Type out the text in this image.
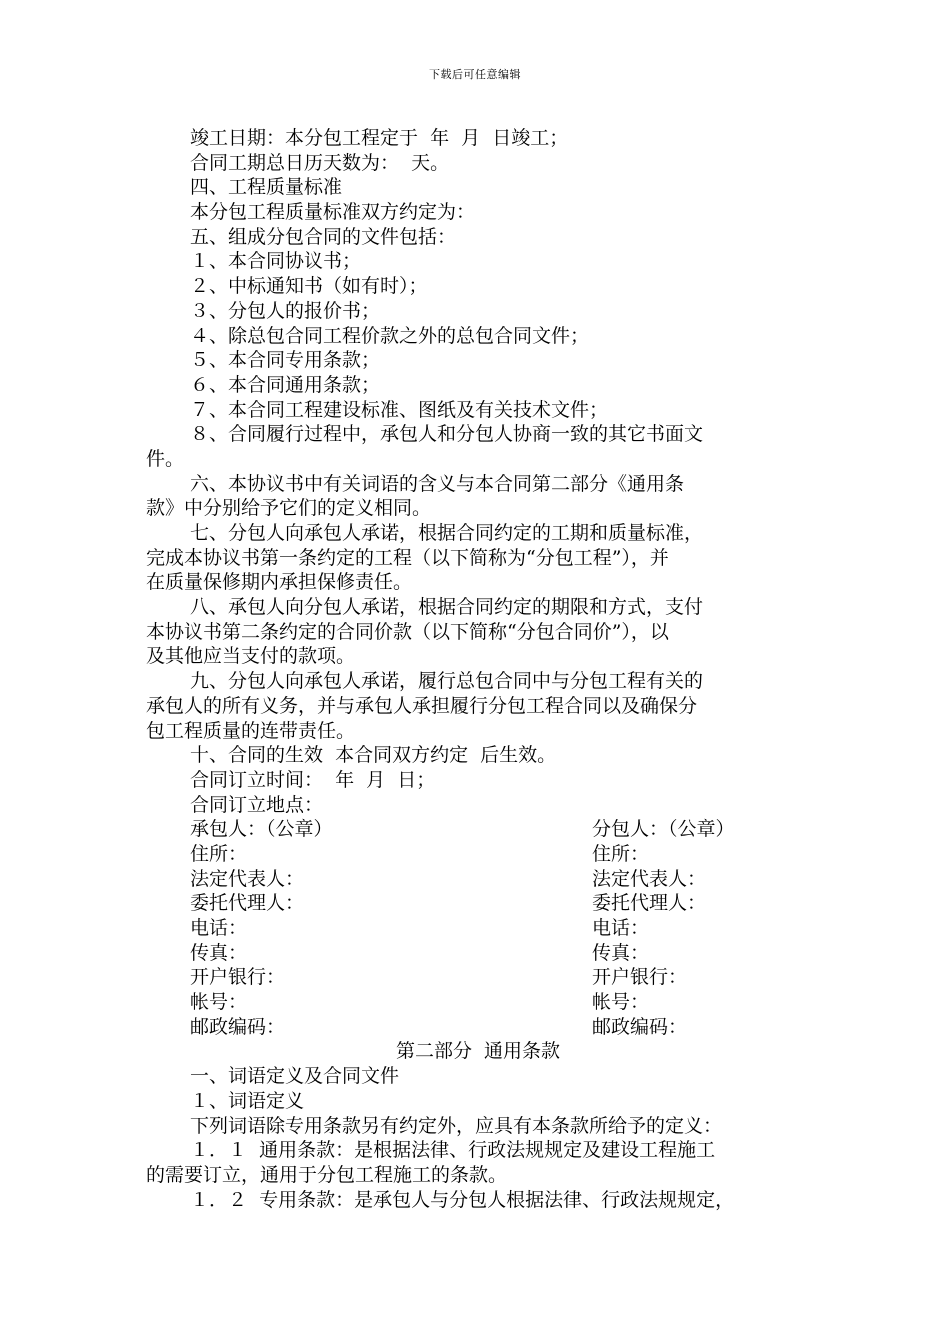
下载后可任意编辑
竣工日期：本分包工程定于  年  月  日竣工；
合同工期总日历天数为：  天。
四、工程质量标准
本分包工程质量标准双方约定为：
五、组成分包合同的文件包括：
１、本合同协议书；
２、中标通知书（如有时）；
３、分包人的报价书；
４、除总包合同工程价款之外的总包合同文件；
５、本合同专用条款；
６、本合同通用条款；
７、本合同工程建设标准、图纸及有关技术文件；
８、合同履行过程中，承包人和分包人协商一致的其它书面文
件。
六、本协议书中有关词语的含义与本合同第二部分《通用条
款》中分别给予它们的定义相同。
七、分包人向承包人承诺，根据合同约定的工期和质量标准，
完成本协议书第一条约定的工程（以下简称为“分包工程”），并
在质量保修期内承担保修责任。
八、承包人向分包人承诺，根据合同约定的期限和方式，支付
本协议书第二条约定的合同价款（以下简称“分包合同价”），以
及其他应当支付的款项。
九、分包人向承包人承诺，履行总包合同中与分包工程有关的
承包人的所有义务，并与承包人承担履行分包工程合同以及确保分
包工程质量的连带责任。
十、合同的生效  本合同双方约定  后生效。
合同订立时间：  年  月  日；
合同订立地点：
承包人：（公章）	分包人：（公章）
住所：	住所：
法定代表人：	法定代表人：
委托代理人：	委托代理人：
电话：	电话：
传真：	传真：
开户银行：	开户银行：
帐号：	帐号：
邮政编码：	邮政编码：
第二部分  通用条款
一、词语定义及合同文件
１、词语定义
下列词语除专用条款另有约定外，应具有本条款所给予的定义：
１．１  通用条款：是根据法律、行政法规规定及建设工程施工
的需要订立，通用于分包工程施工的条款。
１．２  专用条款：是承包人与分包人根据法律、行政法规规定，
